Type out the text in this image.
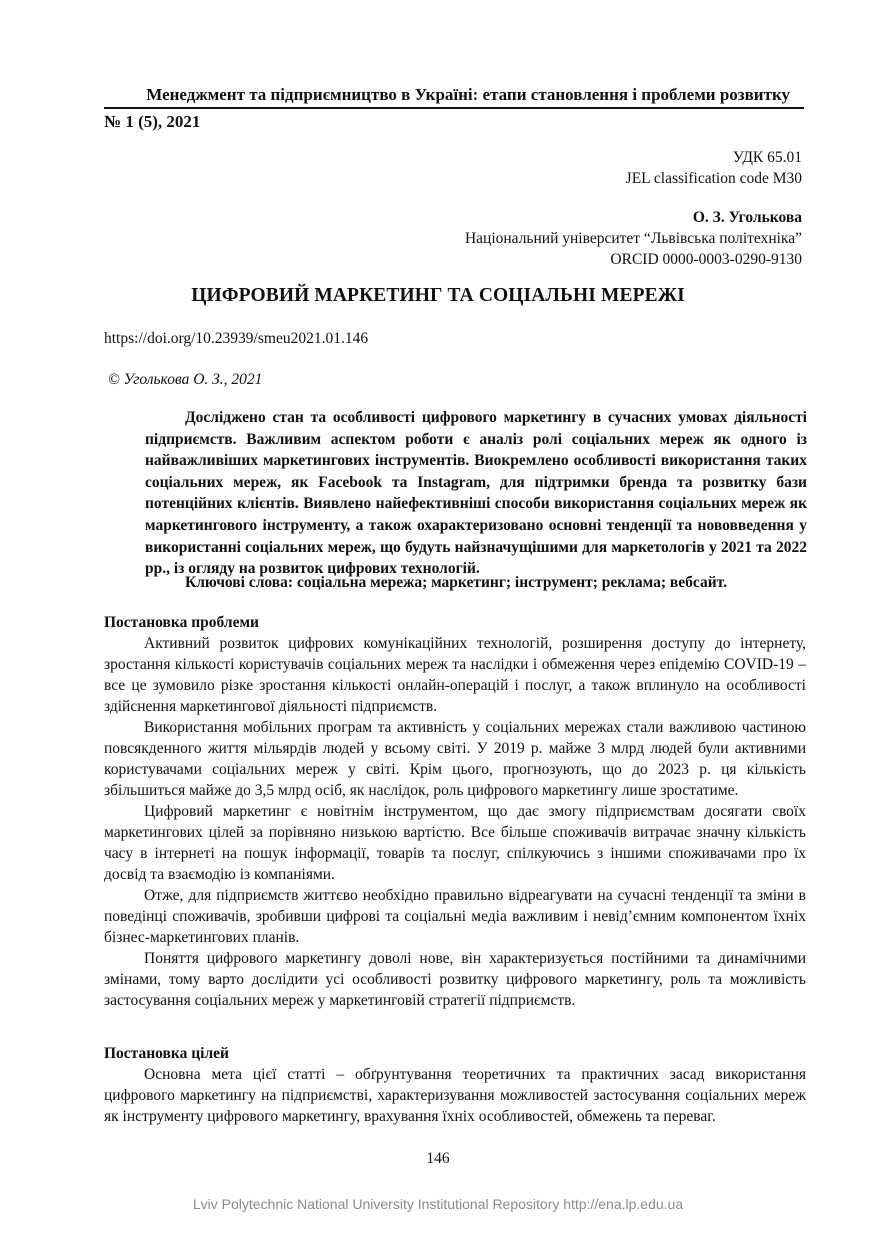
Менеджмент та підприємництво в Україні: етапи становлення і проблеми розвитку
№ 1 (5), 2021
УДК 65.01
JEL classification code M30
О. З. Уголькова
Національний університет “Львівська політехніка”
ORCID 0000-0003-0290-9130
ЦИФРОВИЙ МАРКЕТИНГ ТА СОЦІАЛЬНІ МЕРЕЖІ
https://doi.org/10.23939/smeu2021.01.146
© Уголькова О. З., 2021

Досліджено стан та особливості цифрового маркетингу в сучасних умовах діяльності підприємств. Важливим аспектом роботи є аналіз ролі соціальних мереж як одного із найважливіших маркетингових інструментів. Виокремлено особливості використання таких соціальних мереж, як Facebook та Instagram, для підтримки бренда та розвитку бази потенційних клієнтів. Виявлено найефективніші способи використання соціальних мереж як маркетингового інструменту, а також охарактеризовано основні тенденції та нововведення у використанні соціальних мереж, що будуть найзначущішими для маркетологів у 2021 та 2022 рр., із огляду на розвиток цифрових технологій.

Ключові слова: соціальна мережа; маркетинг; інструмент; реклама; вебсайт.

Постановка проблеми

Активний розвиток цифрових комунікаційних технологій, розширення доступу до інтернету, зростання кількості користувачів соціальних мереж та наслідки і обмеження через епідемію COVID-19 – все це зумовило різке зростання кількості онлайн-операцій і послуг, а також вплинуло на особливості здійснення маркетингової діяльності підприємств.

Використання мобільних програм та активність у соціальних мережах стали важливою частиною повсякденного життя мільярдів людей у всьому світі. У 2019 р. майже 3 млрд людей були активними користувачами соціальних мереж у світі. Крім цього, прогнозують, що до 2023 р. ця кількість збільшиться майже до 3,5 млрд осіб, як наслідок, роль цифрового маркетингу лише зростатиме.

Цифровий маркетинг є новітнім інструментом, що дає змогу підприємствам досягати своїх маркетингових цілей за порівняно низькою вартістю. Все більше споживачів витрачає значну кількість часу в інтернеті на пошук інформації, товарів та послуг, спілкуючись з іншими споживачами про їх досвід та взаємодію із компаніями.

Отже, для підприємств життєво необхідно правильно відреагувати на сучасні тенденції та зміни в поведінці споживачів, зробивши цифрові та соціальні медіа важливим і невід’ємним компонентом їхніх бізнес-маркетингових планів.

Поняття цифрового маркетингу доволі нове, він характеризується постійними та динамічними змінами, тому варто дослідити усі особливості розвитку цифрового маркетингу, роль та можливість застосування соціальних мереж у маркетинговій стратегії підприємств.

Постановка цілей

Основна мета цієї статті – обґрунтування теоретичних та практичних засад використання цифрового маркетингу на підприємстві, характеризування можливостей застосування соціальних мереж як інструменту цифрового маркетингу, врахування їхніх особливостей, обмежень та переваг.

146
Lviv Polytechnic National University Institutional Repository http://ena.lp.edu.ua
